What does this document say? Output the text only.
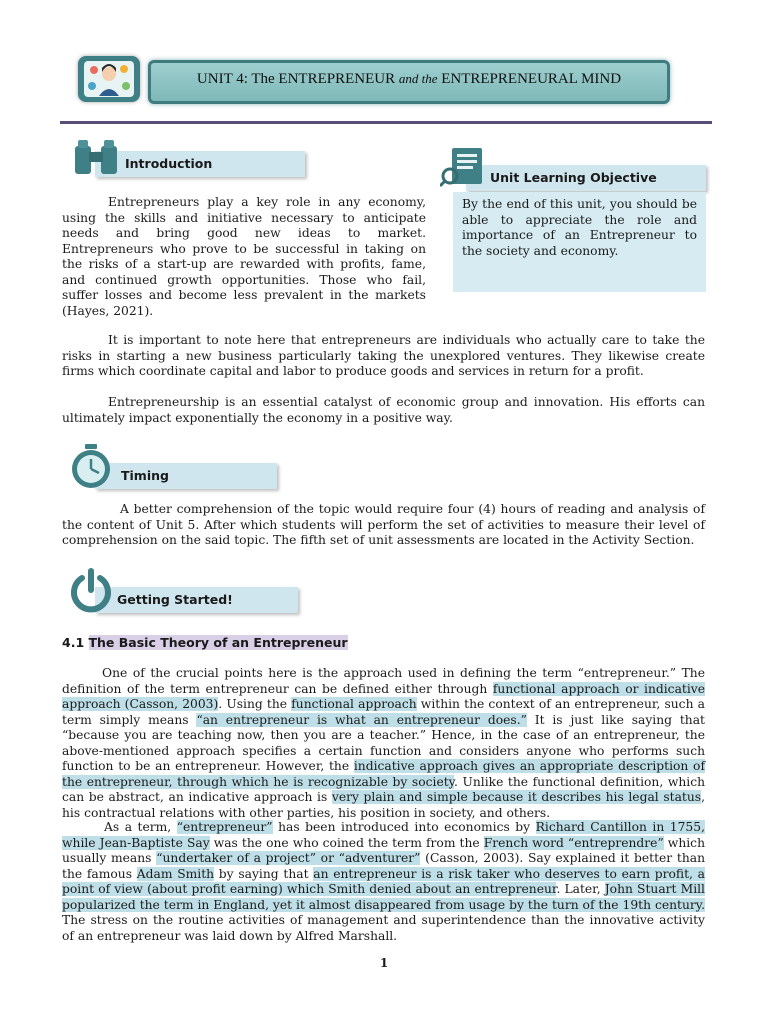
UNIT 4: The ENTREPRENEUR and the ENTREPRENEURAL MIND
Introduction

Entrepreneurs play a key role in any economy, using the skills and initiative necessary to anticipate needs and bring good new ideas to market. Entrepreneurs who prove to be successful in taking on the risks of a start-up are rewarded with profits, fame, and continued growth opportunities. Those who fail, suffer losses and become less prevalent in the markets (Hayes, 2021).

Unit Learning Objective

By the end of this unit, you should be able to appreciate the role and importance of an Entrepreneur to the society and economy.

It is important to note here that entrepreneurs are individuals who actually care to take the risks in starting a new business particularly taking the unexplored ventures. They likewise create firms which coordinate capital and labor to produce goods and services in return for a profit.

Entrepreneurship is an essential catalyst of economic group and innovation. His efforts can ultimately impact exponentially the economy in a positive way.

Timing

A better comprehension of the topic would require four (4) hours of reading and analysis of the content of Unit 5. After which students will perform the set of activities to measure their level of comprehension on the said topic. The fifth set of unit assessments are located in the Activity Section.

Getting Started!
4.1 The Basic Theory of an Entrepreneur

One of the crucial points here is the approach used in defining the term “entrepreneur.” The definition of the term entrepreneur can be defined either through functional approach or indicative approach (Casson, 2003). Using the functional approach within the context of an entrepreneur, such a term simply means “an entrepreneur is what an entrepreneur does.” It is just like saying that “because you are teaching now, then you are a teacher.” Hence, in the case of an entrepreneur, the above-mentioned approach specifies a certain function and considers anyone who performs such function to be an entrepreneur. However, the indicative approach gives an appropriate description of the entrepreneur, through which he is recognizable by society. Unlike the functional definition, which can be abstract, an indicative approach is very plain and simple because it describes his legal status, his contractual relations with other parties, his position in society, and others.

As a term, “entrepreneur” has been introduced into economics by Richard Cantillon in 1755, while Jean-Baptiste Say was the one who coined the term from the French word “entreprendre” which usually means “undertaker of a project” or “adventurer” (Casson, 2003). Say explained it better than the famous Adam Smith by saying that an entrepreneur is a risk taker who deserves to earn profit, a point of view (about profit earning) which Smith denied about an entrepreneur. Later, John Stuart Mill popularized the term in England, yet it almost disappeared from usage by the turn of the 19th century. The stress on the routine activities of management and superintendence than the innovative activity of an entrepreneur was laid down by Alfred Marshall.

1
